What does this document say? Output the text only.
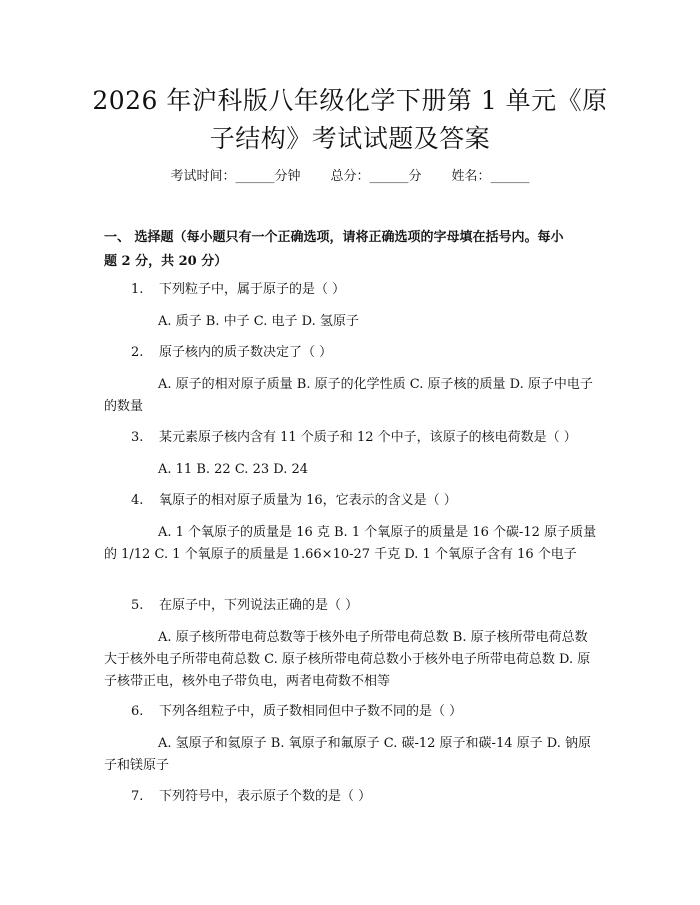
2026 年沪科版八年级化学下册第 1 单元《原
子结构》考试试题及答案
考试时间：______分钟 总分：______分 姓名：______
一、 选择题（每小题只有一个正确选项，请将正确选项的字母填在括号内。每小
题 2 分，共 20 分）
1. 下列粒子中，属于原子的是（ ）
A. 质子 B. 中子 C. 电子 D. 氢原子
2. 原子核内的质子数决定了（ ）
A. 原子的相对原子质量 B. 原子的化学性质 C. 原子核的质量 D. 原子中电子的数量
3. 某元素原子核内含有 11 个质子和 12 个中子，该原子的核电荷数是（ ）
A. 11 B. 22 C. 23 D. 24
4. 氧原子的相对原子质量为 16，它表示的含义是（ ）
A. 1 个氧原子的质量是 16 克 B. 1 个氧原子的质量是 16 个碳-12 原子质量的 1/12 C. 1 个氧原子的质量是 1.66×10-27 千克 D. 1 个氧原子含有 16 个电子
5. 在原子中，下列说法正确的是（ ）
A. 原子核所带电荷总数等于核外电子所带电荷总数 B. 原子核所带电荷总数大于核外电子所带电荷总数 C. 原子核所带电荷总数小于核外电子所带电荷总数 D. 原子核带正电，核外电子带负电，两者电荷数不相等
6. 下列各组粒子中，质子数相同但中子数不同的是（ ）
A. 氢原子和氦原子 B. 氧原子和氟原子 C. 碳-12 原子和碳-14 原子 D. 钠原子和镁原子
7. 下列符号中，表示原子个数的是（ ）
